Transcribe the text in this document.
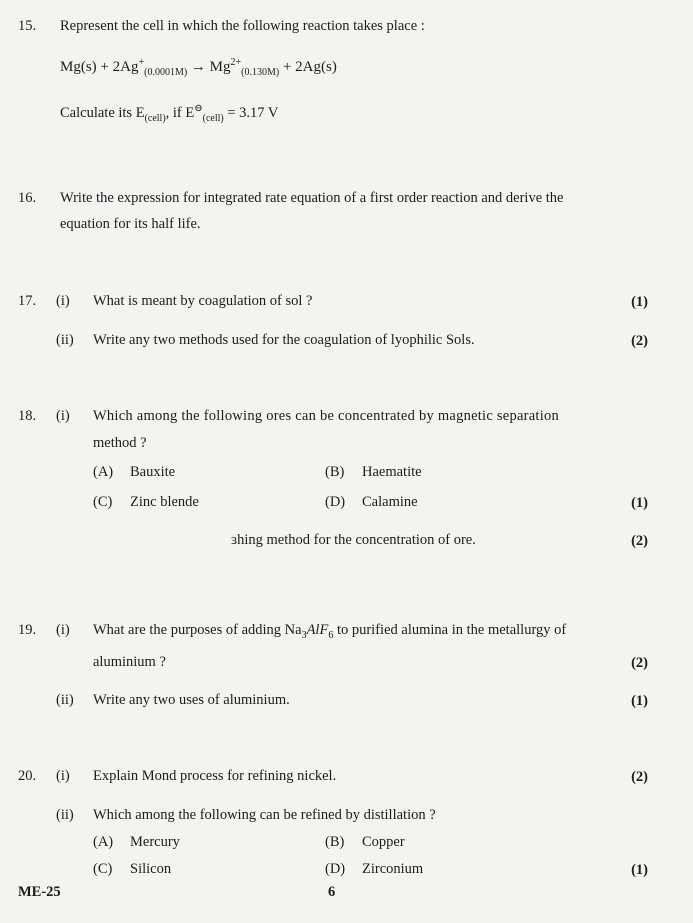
15. Represent the cell in which the following reaction takes place :
$Mg(s) + 2Ag^+_{(0.0001M)} \to Mg^{2+}_{(0.130M)} + 2Ag(s)$
Calculate its $E_{(cell)}$, if $E^⊖_{(cell)} = 3.17$ V
16. Write the expression for integrated rate equation of a first order reaction and derive the
equation for its half life.
17. (i) What is meant by coagulation of sol ?	(1)
(ii) Write any two methods used for the coagulation of lyophilic Sols.	(2)
18. (i) Which among the following ores can be concentrated by magnetic separation
method ?
(A) Bauxite	(B) Haematite
(C) Zinc blende	(D) Calamine	(1)
ɜhing method for the concentration of ore.	(2)
19. (i) What are the purposes of adding $Na_3AlF_6$ to purified alumina in the metallurgy of
aluminium ?	(2)
(ii) Write any two uses of aluminium.	(1)
20. (i) Explain Mond process for refining nickel.	(2)
(ii) Which among the following can be refined by distillation ?
(A) Mercury	(B) Copper
(C) Silicon	(D) Zirconium	(1)
ME-25	6
